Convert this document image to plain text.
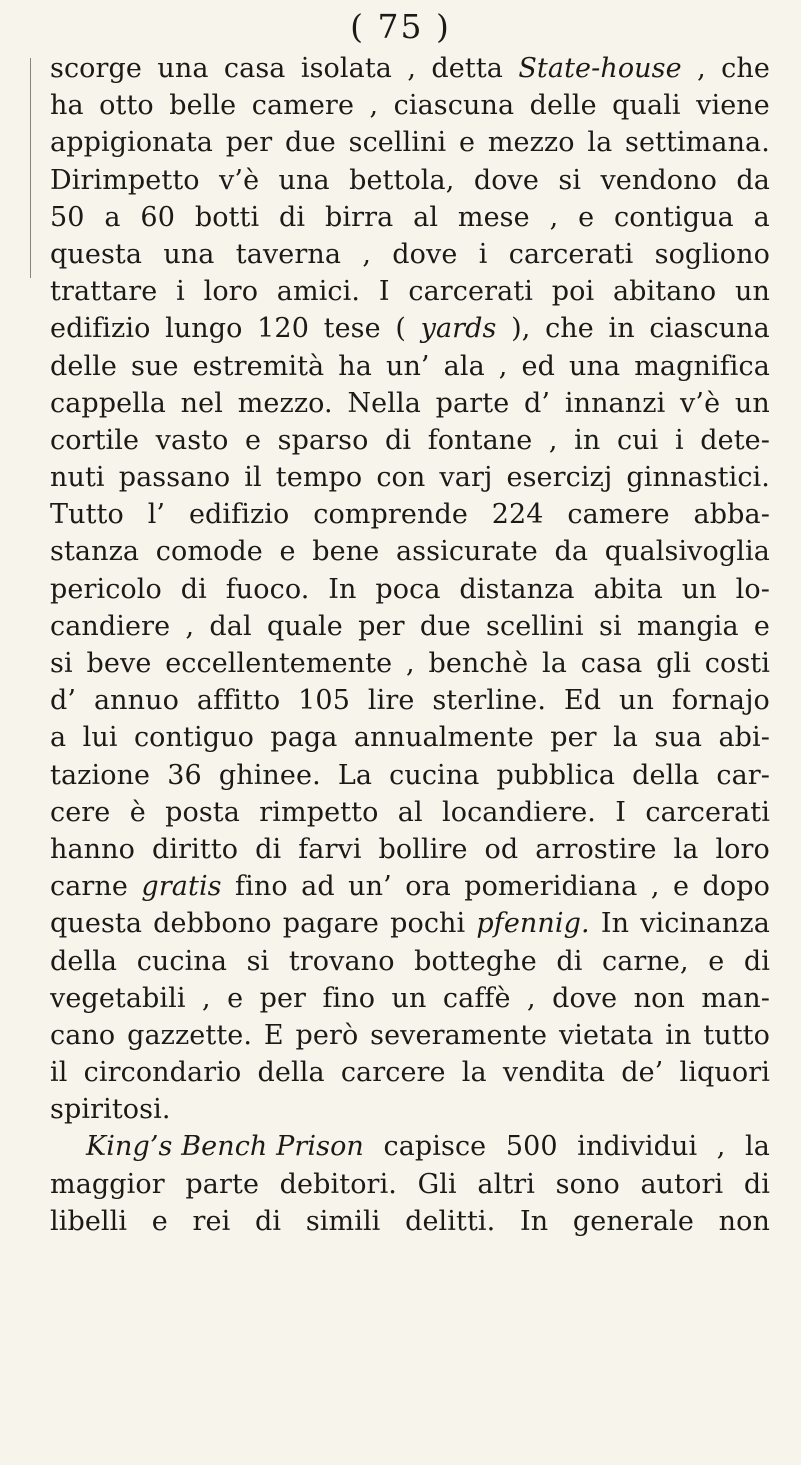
( 75 )
scorge una casa isolata , detta State-house , che
ha otto belle camere , ciascuna delle quali viene
appigionata per due scellini e mezzo la settimana.
Dirimpetto v’è una bettola, dove si vendono da
50 a 60 botti di birra al mese , e contigua a
questa una taverna , dove i carcerati sogliono
trattare i loro amici. I carcerati poi abitano un
edifizio lungo 120 tese ( yards ), che in ciascuna
delle sue estremità ha un’ ala , ed una magnifica
cappella nel mezzo. Nella parte d’ innanzi v’è un
cortile vasto e sparso di fontane , in cui i dete-
nuti passano il tempo con varj esercizj ginnastici.
Tutto l’ edifizio comprende 224 camere abba-
stanza comode e bene assicurate da qualsivoglia
pericolo di fuoco. In poca distanza abita un lo-
candiere , dal quale per due scellini si mangia e
si beve eccellentemente , benchè la casa gli costi
d’ annuo affitto 105 lire sterline. Ed un fornajo
a lui contiguo paga annualmente per la sua abi-
tazione 36 ghinee. La cucina pubblica della car-
cere è posta rimpetto al locandiere. I carcerati
hanno diritto di farvi bollire od arrostire la loro
carne gratis fino ad un’ ora pomeridiana , e dopo
questa debbono pagare pochi pfennig. In vicinanza
della cucina si trovano botteghe di carne, e di
vegetabili , e per fino un caffè , dove non man-
cano gazzette. E però severamente vietata in tutto
il circondario della carcere la vendita de’ liquori
spiritosi.
King’s Bench Prison capisce 500 individui , la
maggior parte debitori. Gli altri sono autori di
libelli e rei di simili delitti. In generale non
